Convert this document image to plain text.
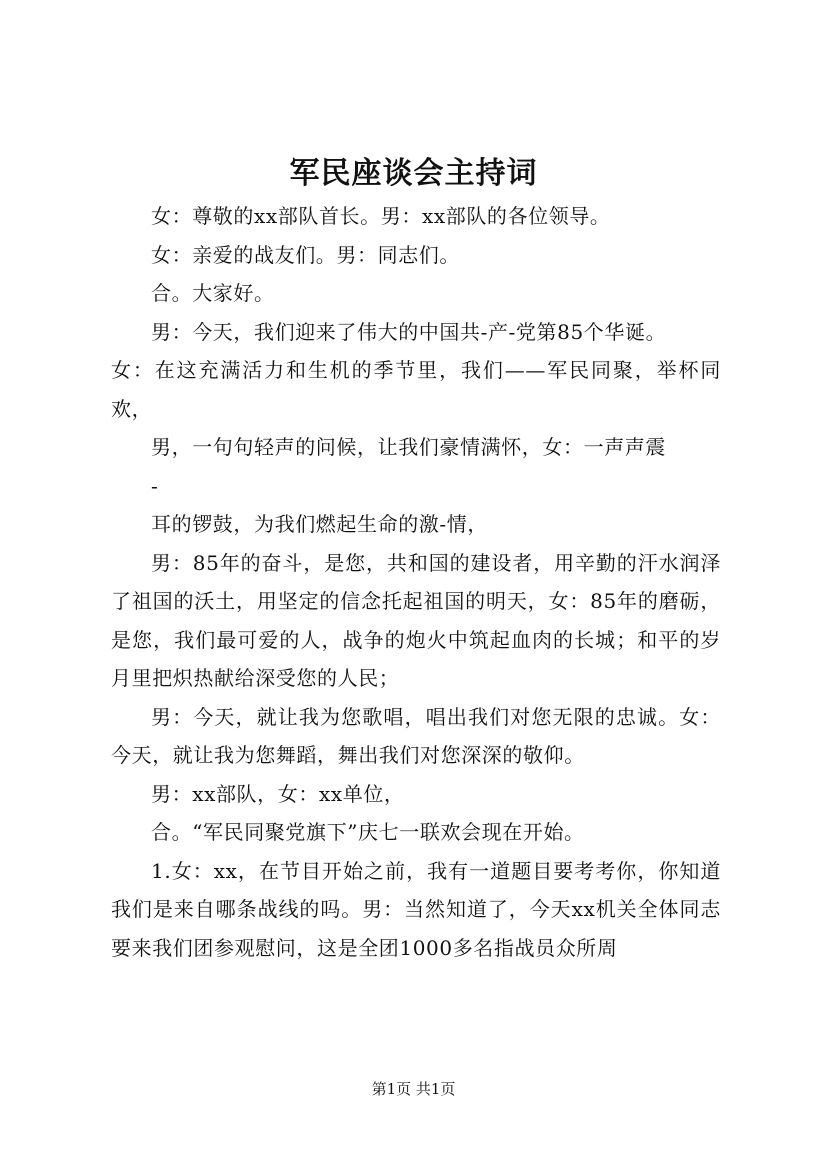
军民座谈会主持词

女：尊敬的xx部队首长。男：xx部队的各位领导。

女：亲爱的战友们。男：同志们。

合。大家好。

男：今天，我们迎来了伟大的中国共-产-党第85个华诞。

女：在这充满活力和生机的季节里，我们——军民同聚，举杯同欢，

男，一句句轻声的问候，让我们豪情满怀，女：一声声震

-

耳的锣鼓，为我们燃起生命的激-情，

男：85年的奋斗，是您，共和国的建设者，用辛勤的汗水润泽了祖国的沃土，用坚定的信念托起祖国的明天，女：85年的磨砺，是您，我们最可爱的人，战争的炮火中筑起血肉的长城；和平的岁月里把炽热献给深受您的人民；

男：今天，就让我为您歌唱，唱出我们对您无限的忠诚。女：今天，就让我为您舞蹈，舞出我们对您深深的敬仰。

男：xx部队，女：xx单位，

合。“军民同聚党旗下”庆七一联欢会现在开始。

1.女：xx，在节目开始之前，我有一道题目要考考你，你知道我们是来自哪条战线的吗。男：当然知道了，今天xx机关全体同志要来我们团参观慰问，这是全团1000多名指战员众所周

第1页 共1页
